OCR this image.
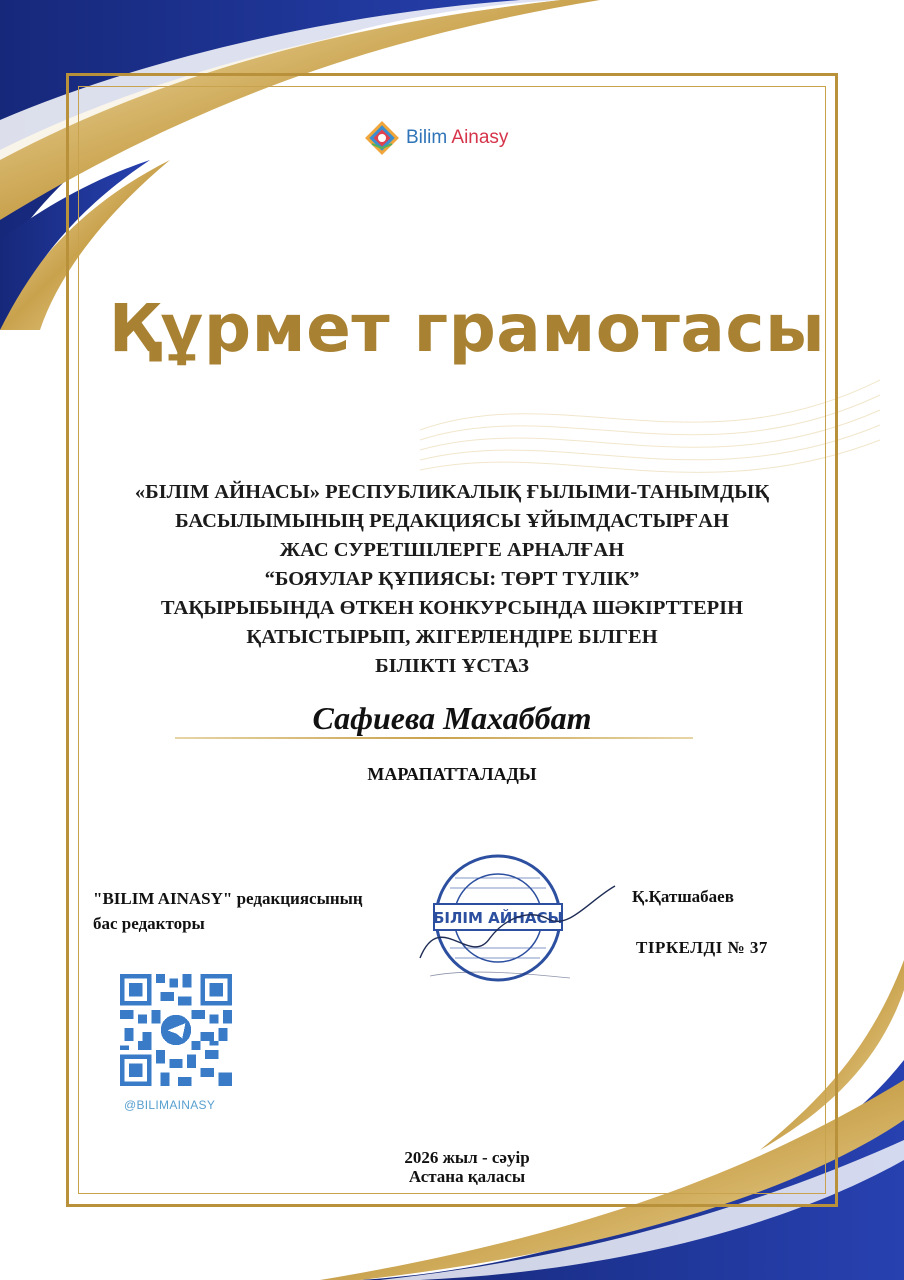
Bilim Ainasy
Құрмет грамотасы
«БІЛІМ АЙНАСЫ» РЕСПУБЛИКАЛЫҚ ҒЫЛЫМИ-ТАНЫМДЫҚ
БАСЫЛЫМЫНЫҢ РЕДАКЦИЯСЫ ҰЙЫМДАСТЫРҒАН
ЖАС СУРЕТШІЛЕРГЕ АРНАЛҒАН
“БОЯУЛАР ҚҰПИЯСЫ: ТӨРТ ТҮЛІК”
ТАҚЫРЫБЫНДА ӨТКЕН КОНКУРСЫНДА ШӘКІРТТЕРІН
ҚАТЫСТЫРЫП, ЖІГЕРЛЕНДІРЕ БІЛГЕН
БІЛІКТІ ҰСТАЗ
Сафиева Махаббат
МАРАПАТТАЛАДЫ
"BILIM AINASY" редакциясының
бас редакторы	БІЛІМ АЙНАСЫ
Қ.Қатшабаев
ТІРКЕЛДІ № 37
@BILIMAINASY
2026 жыл - сәуір
Астана қаласы
